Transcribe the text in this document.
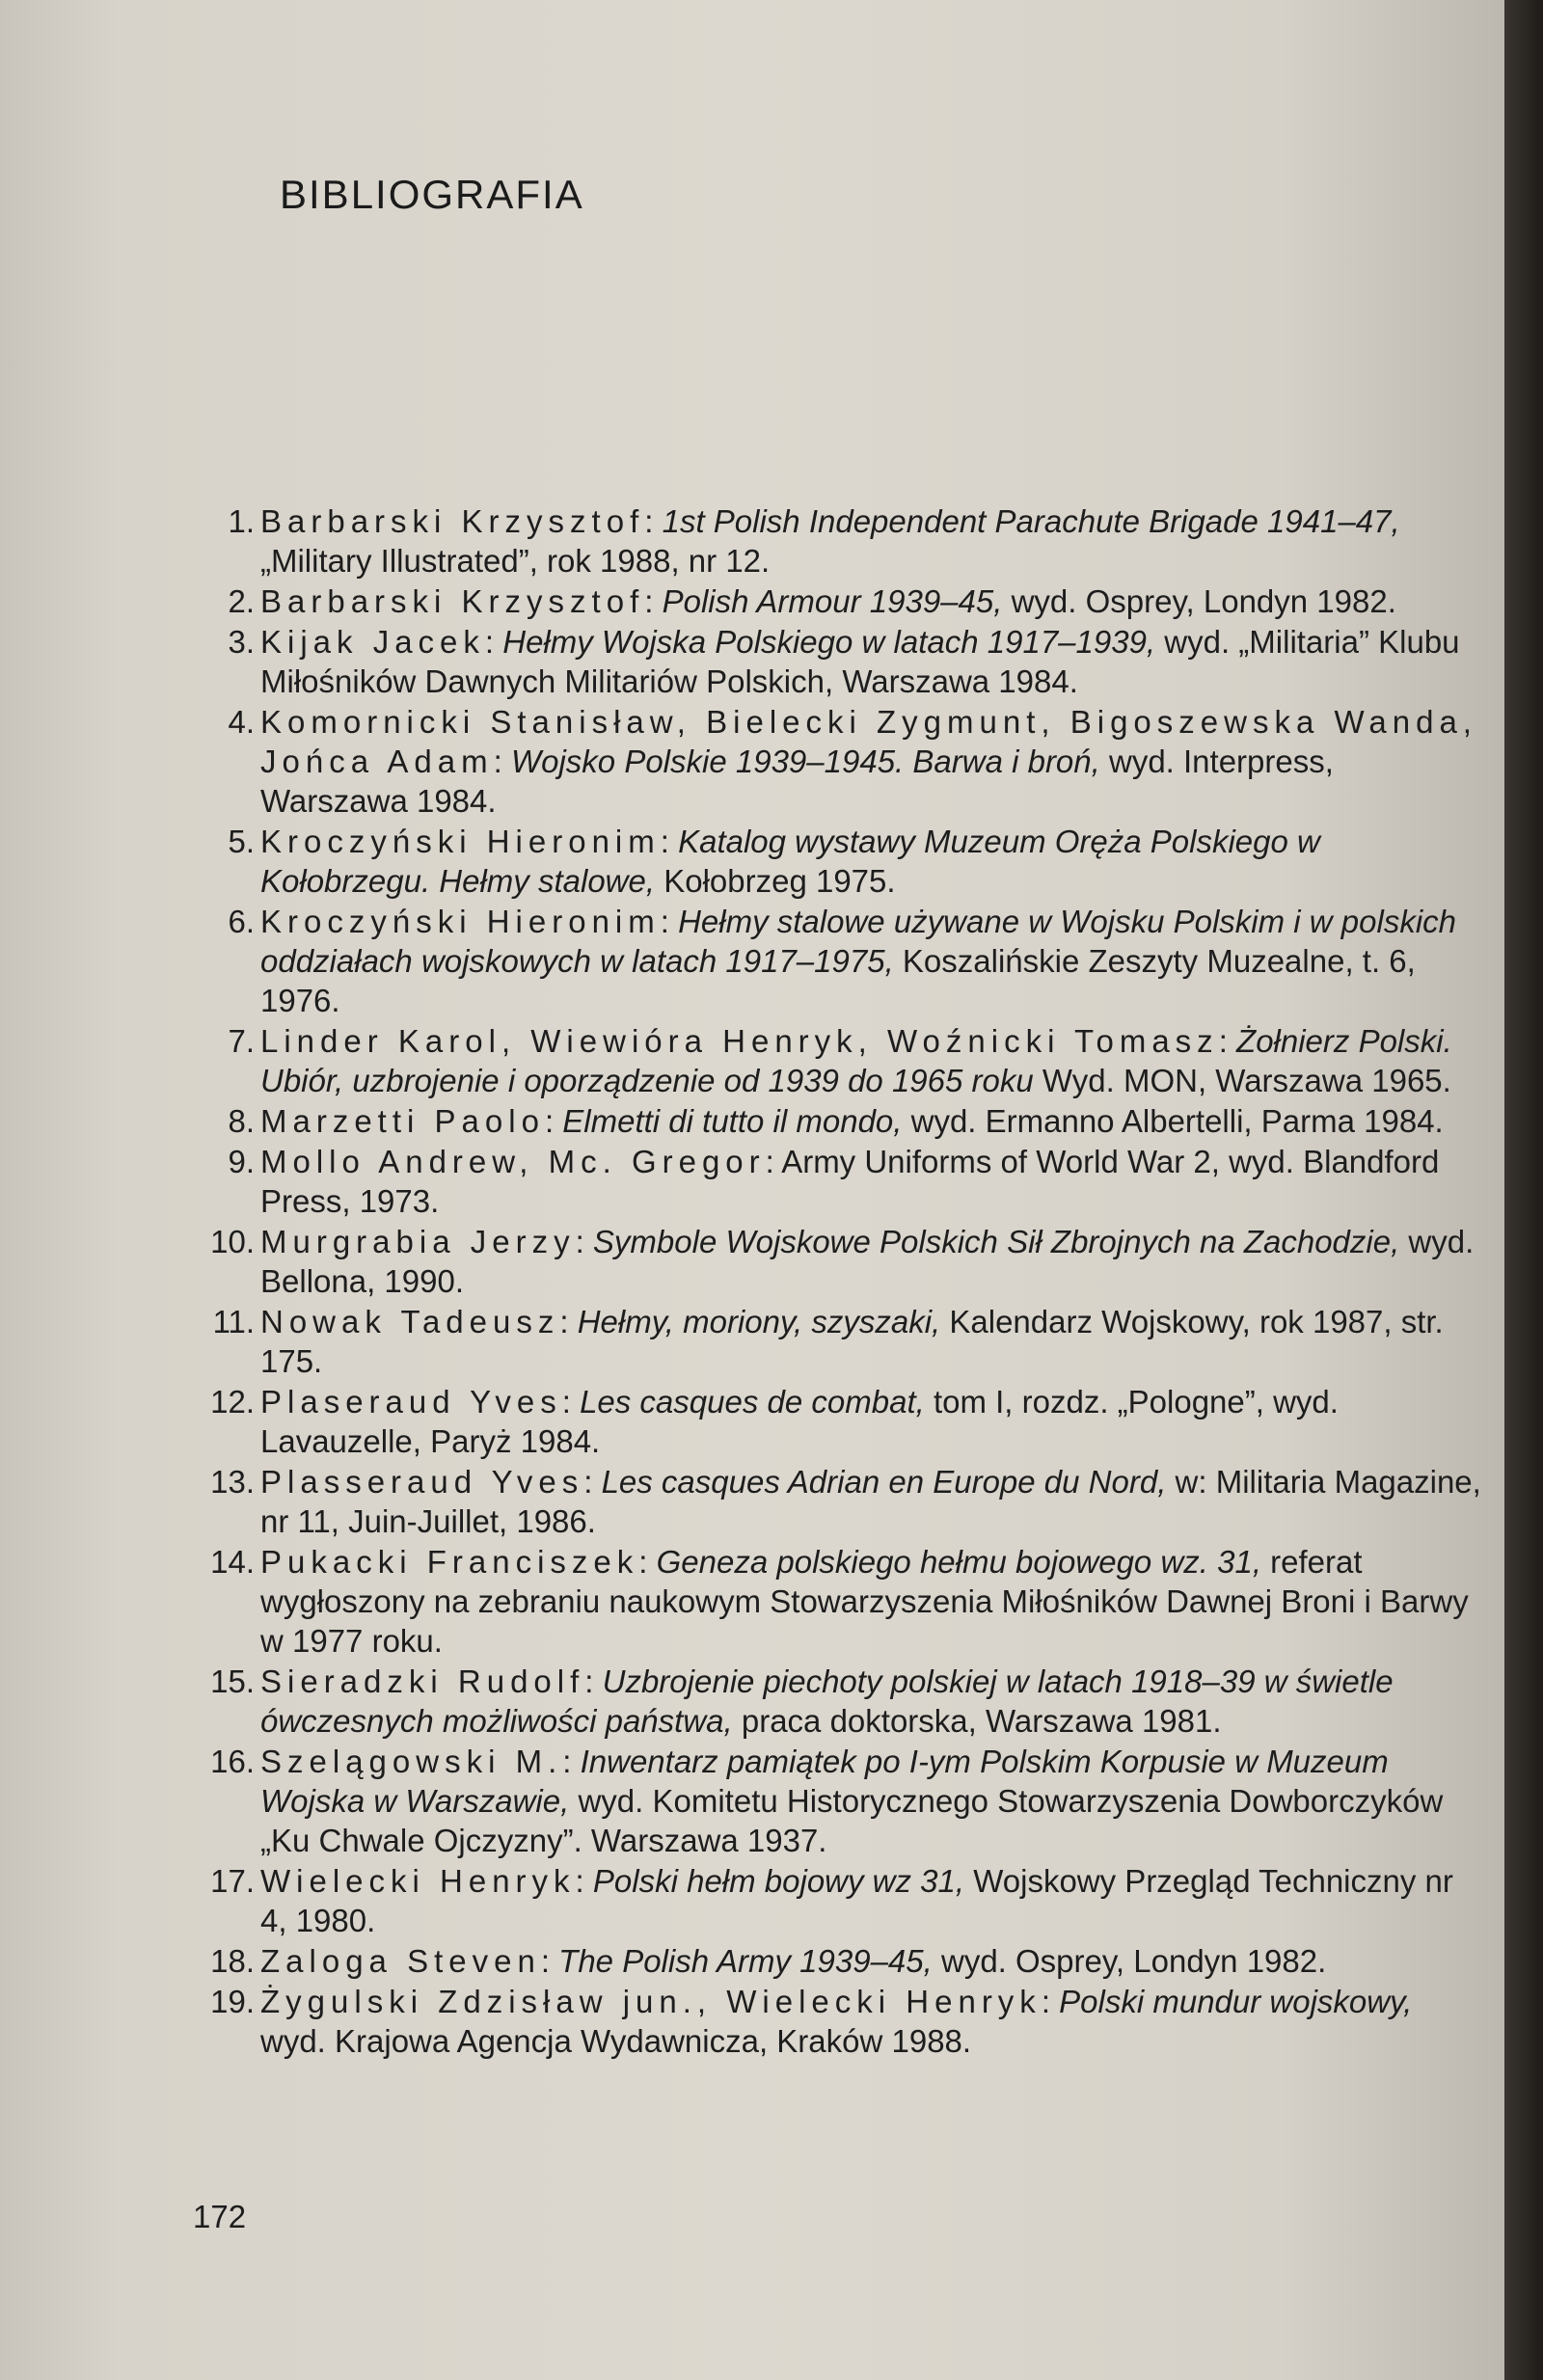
BIBLIOGRAFIA
1. Barbarski Krzysztof: 1st Polish Independent Parachute Brigade 1941–47, „Military Illustrated”, rok 1988, nr 12.
2. Barbarski Krzysztof: Polish Armour 1939–45, wyd. Osprey, Londyn 1982.
3. Kijak Jacek: Hełmy Wojska Polskiego w latach 1917–1939, wyd. „Militaria” Klubu Miłośników Dawnych Militariów Polskich, Warszawa 1984.
4. Komornicki Stanisław, Bielecki Zygmunt, Bigoszewska Wanda, Jońca Adam: Wojsko Polskie 1939–1945. Barwa i broń, wyd. Interpress, Warszawa 1984.
5. Kroczyński Hieronim: Katalog wystawy Muzeum Oręża Polskiego w Kołobrzegu. Hełmy stalowe, Kołobrzeg 1975.
6. Kroczyński Hieronim: Hełmy stalowe używane w Wojsku Polskim i w polskich oddziałach wojskowych w latach 1917–1975, Koszalińskie Zeszyty Muzealne, t. 6, 1976.
7. Linder Karol, Wiewióra Henryk, Woźnicki Tomasz: Żołnierz Polski. Ubiór, uzbrojenie i oporządzenie od 1939 do 1965 roku Wyd. MON, Warszawa 1965.
8. Marzetti Paolo: Elmetti di tutto il mondo, wyd. Ermanno Albertelli, Parma 1984.
9. Mollo Andrew, Mc. Gregor: Army Uniforms of World War 2, wyd. Blandford Press, 1973.
10. Murgrabia Jerzy: Symbole Wojskowe Polskich Sił Zbrojnych na Zachodzie, wyd. Bellona, 1990.
11. Nowak Tadeusz: Hełmy, moriony, szyszaki, Kalendarz Wojskowy, rok 1987, str. 175.
12. Plaseraud Yves: Les casques de combat, tom I, rozdz. „Pologne”, wyd. Lavauzelle, Paryż 1984.
13. Plasseraud Yves: Les casques Adrian en Europe du Nord, w: Militaria Magazine, nr 11, Juin-Juillet, 1986.
14. Pukacki Franciszek: Geneza polskiego hełmu bojowego wz. 31, referat wygłoszony na zebraniu naukowym Stowarzyszenia Miłośników Dawnej Broni i Barwy w 1977 roku.
15. Sieradzki Rudolf: Uzbrojenie piechoty polskiej w latach 1918–39 w świetle ówczesnych możliwości państwa, praca doktorska, Warszawa 1981.
16. Szelągowski M.: Inwentarz pamiątek po I-ym Polskim Korpusie w Muzeum Wojska w Warszawie, wyd. Komitetu Historycznego Stowarzyszenia Dowborczyków „Ku Chwale Ojczyzny”. Warszawa 1937.
17. Wielecki Henryk: Polski hełm bojowy wz 31, Wojskowy Przegląd Techniczny nr 4, 1980.
18. Zaloga Steven: The Polish Army 1939–45, wyd. Osprey, Londyn 1982.
19. Żygulski Zdzisław jun., Wielecki Henryk: Polski mundur wojskowy, wyd. Krajowa Agencja Wydawnicza, Kraków 1988.
172
